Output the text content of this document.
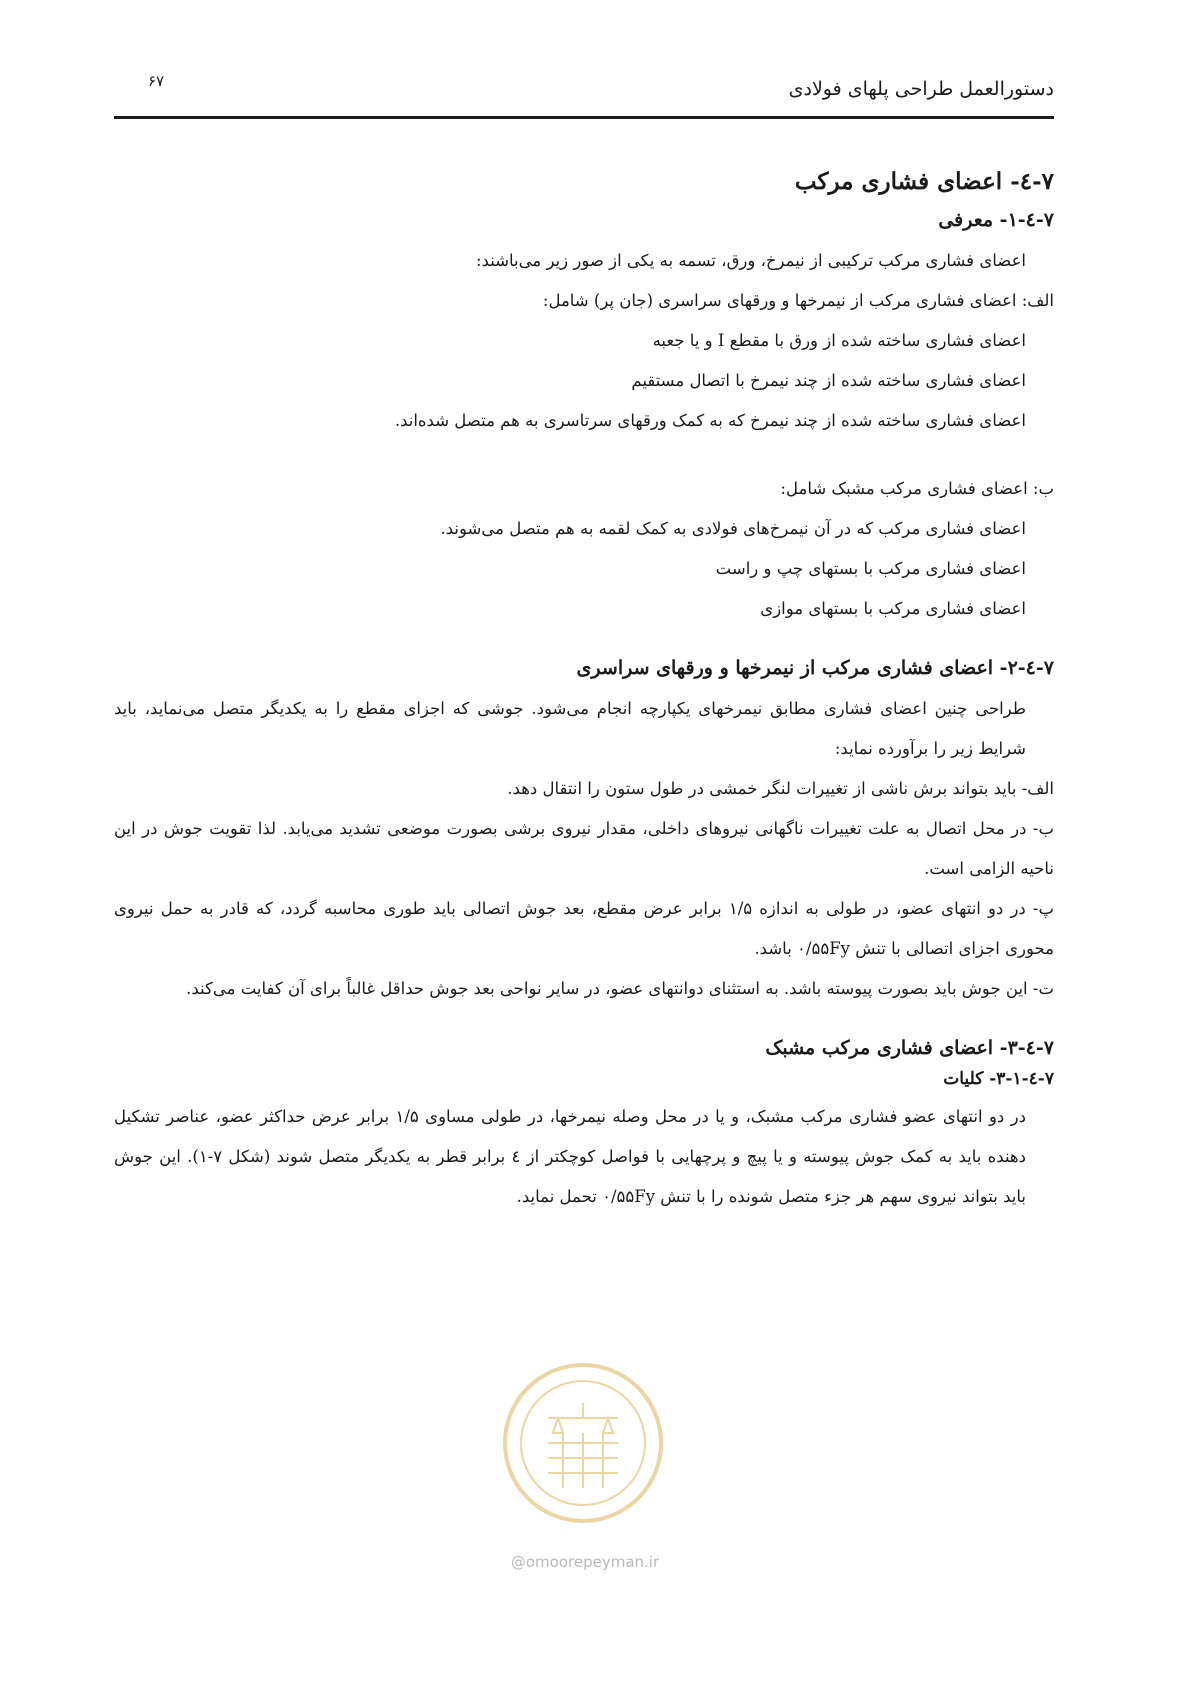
دستورالعمل طراحی پلهای فولادی
۶۷
۷-٤- اعضای فشاری مرکب
۷-٤-۱- معرفی

اعضای فشاری مرکب ترکیبی از نیمرخ، ورق، تسمه به یکی از صور زیر می‌باشند:

الف: اعضای فشاری مرکب از نیمرخها و ورقهای سراسری (جان پر) شامل:

اعضای فشاری ساخته شده از ورق با مقطع I و یا جعبه

اعضای فشاری ساخته شده از چند نیمرخ با اتصال مستقیم

اعضای فشاری ساخته شده از چند نیمرخ که به کمک ورقهای سرتاسری به هم متصل شده‌اند.

ب: اعضای فشاری مرکب مشبک شامل:

اعضای فشاری مرکب که در آن نیمرخ‌های فولادی به کمک لقمه به هم متصل می‌شوند.

اعضای فشاری مرکب با بستهای چپ و راست

اعضای فشاری مرکب با بستهای موازی

۷-٤-۲- اعضای فشاری مرکب از نیمرخها و ورقهای سراسری

طراحی چنین اعضای فشاری مطابق نیمرخهای یکپارچه انجام می‌شود. جوشی که اجزای مقطع را به یکدیگر متصل می‌نماید، باید شرایط زیر را برآورده نماید:

الف- باید بتواند برش ناشی از تغییرات لنگر خمشی در طول ستون را انتقال دهد.

ب- در محل اتصال به علت تغییرات ناگهانی نیروهای داخلی، مقدار نیروی برشی بصورت موضعی تشدید می‌یابد. لذا تقویت جوش در این ناحیه الزامی است.

پ- در دو انتهای عضو، در طولی به اندازه ۱/۵ برابر عرض مقطع، بعد جوش اتصالی باید طوری محاسبه گردد، که قادر به حمل نیروی محوری اجزای اتصالی با تنش ۰/۵۵Fy باشد.

ت- این جوش باید بصورت پیوسته باشد. به استثنای دوانتهای عضو، در سایر نواحی بعد جوش حداقل غالباً برای آن کفایت می‌کند.

۷-٤-۳- اعضای فشاری مرکب مشبک
۷-٤-۳-۱- کلیات

در دو انتهای عضو فشاری مرکب مشبک، و یا در محل وصله نیمرخها، در طولی مساوی ۱/۵ برابر عرض حداکثر عضو، عناصر تشکیل دهنده باید به کمک جوش پیوسته و یا پیچ و پرچهایی با فواصل کوچکتر از ٤ برابر قطر به یکدیگر متصل شوند (شکل ۷-۱). این جوش باید بتواند نیروی سهم هر جزء متصل شونده را با تنش ۰/۵۵Fy تحمل نماید.

@omoorepeyman.ir
